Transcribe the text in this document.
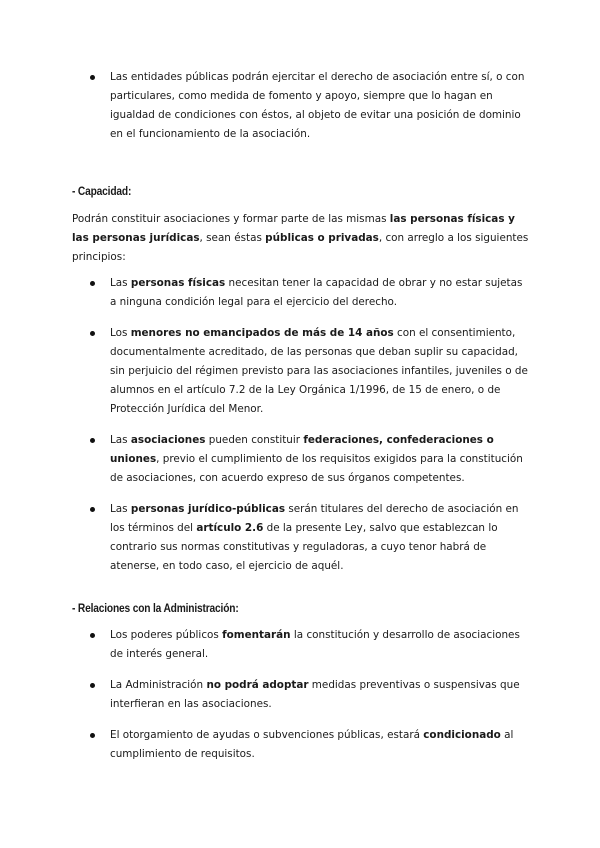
Las entidades públicas podrán ejercitar el derecho de asociación entre sí, o con particulares, como medida de fomento y apoyo, siempre que lo hagan en igualdad de condiciones con éstos, al objeto de evitar una posición de dominio en el funcionamiento de la asociación.
- Capacidad:

Podrán constituir asociaciones y formar parte de las mismas las personas físicas y las personas jurídicas, sean éstas públicas o privadas, con arreglo a los siguientes principios:

Las personas físicas necesitan tener la capacidad de obrar y no estar sujetas a ninguna condición legal para el ejercicio del derecho.
Los menores no emancipados de más de 14 años con el consentimiento, documentalmente acreditado, de las personas que deban suplir su capacidad, sin perjuicio del régimen previsto para las asociaciones infantiles, juveniles o de alumnos en el artículo 7.2 de la Ley Orgánica 1/1996, de 15 de enero, o de Protección Jurídica del Menor.
Las asociaciones pueden constituir federaciones, confederaciones o uniones, previo el cumplimiento de los requisitos exigidos para la constitución de asociaciones, con acuerdo expreso de sus órganos competentes.
Las personas jurídico-públicas serán titulares del derecho de asociación en los términos del artículo 2.6 de la presente Ley, salvo que establezcan lo contrario sus normas constitutivas y reguladoras, a cuyo tenor habrá de atenerse, en todo caso, el ejercicio de aquél.
- Relaciones con la Administración:
Los poderes públicos fomentarán la constitución y desarrollo de asociaciones de interés general.
La Administración no podrá adoptar medidas preventivas o suspensivas que interfieran en las asociaciones.
El otorgamiento de ayudas o subvenciones públicas, estará condicionado al cumplimiento de requisitos.
